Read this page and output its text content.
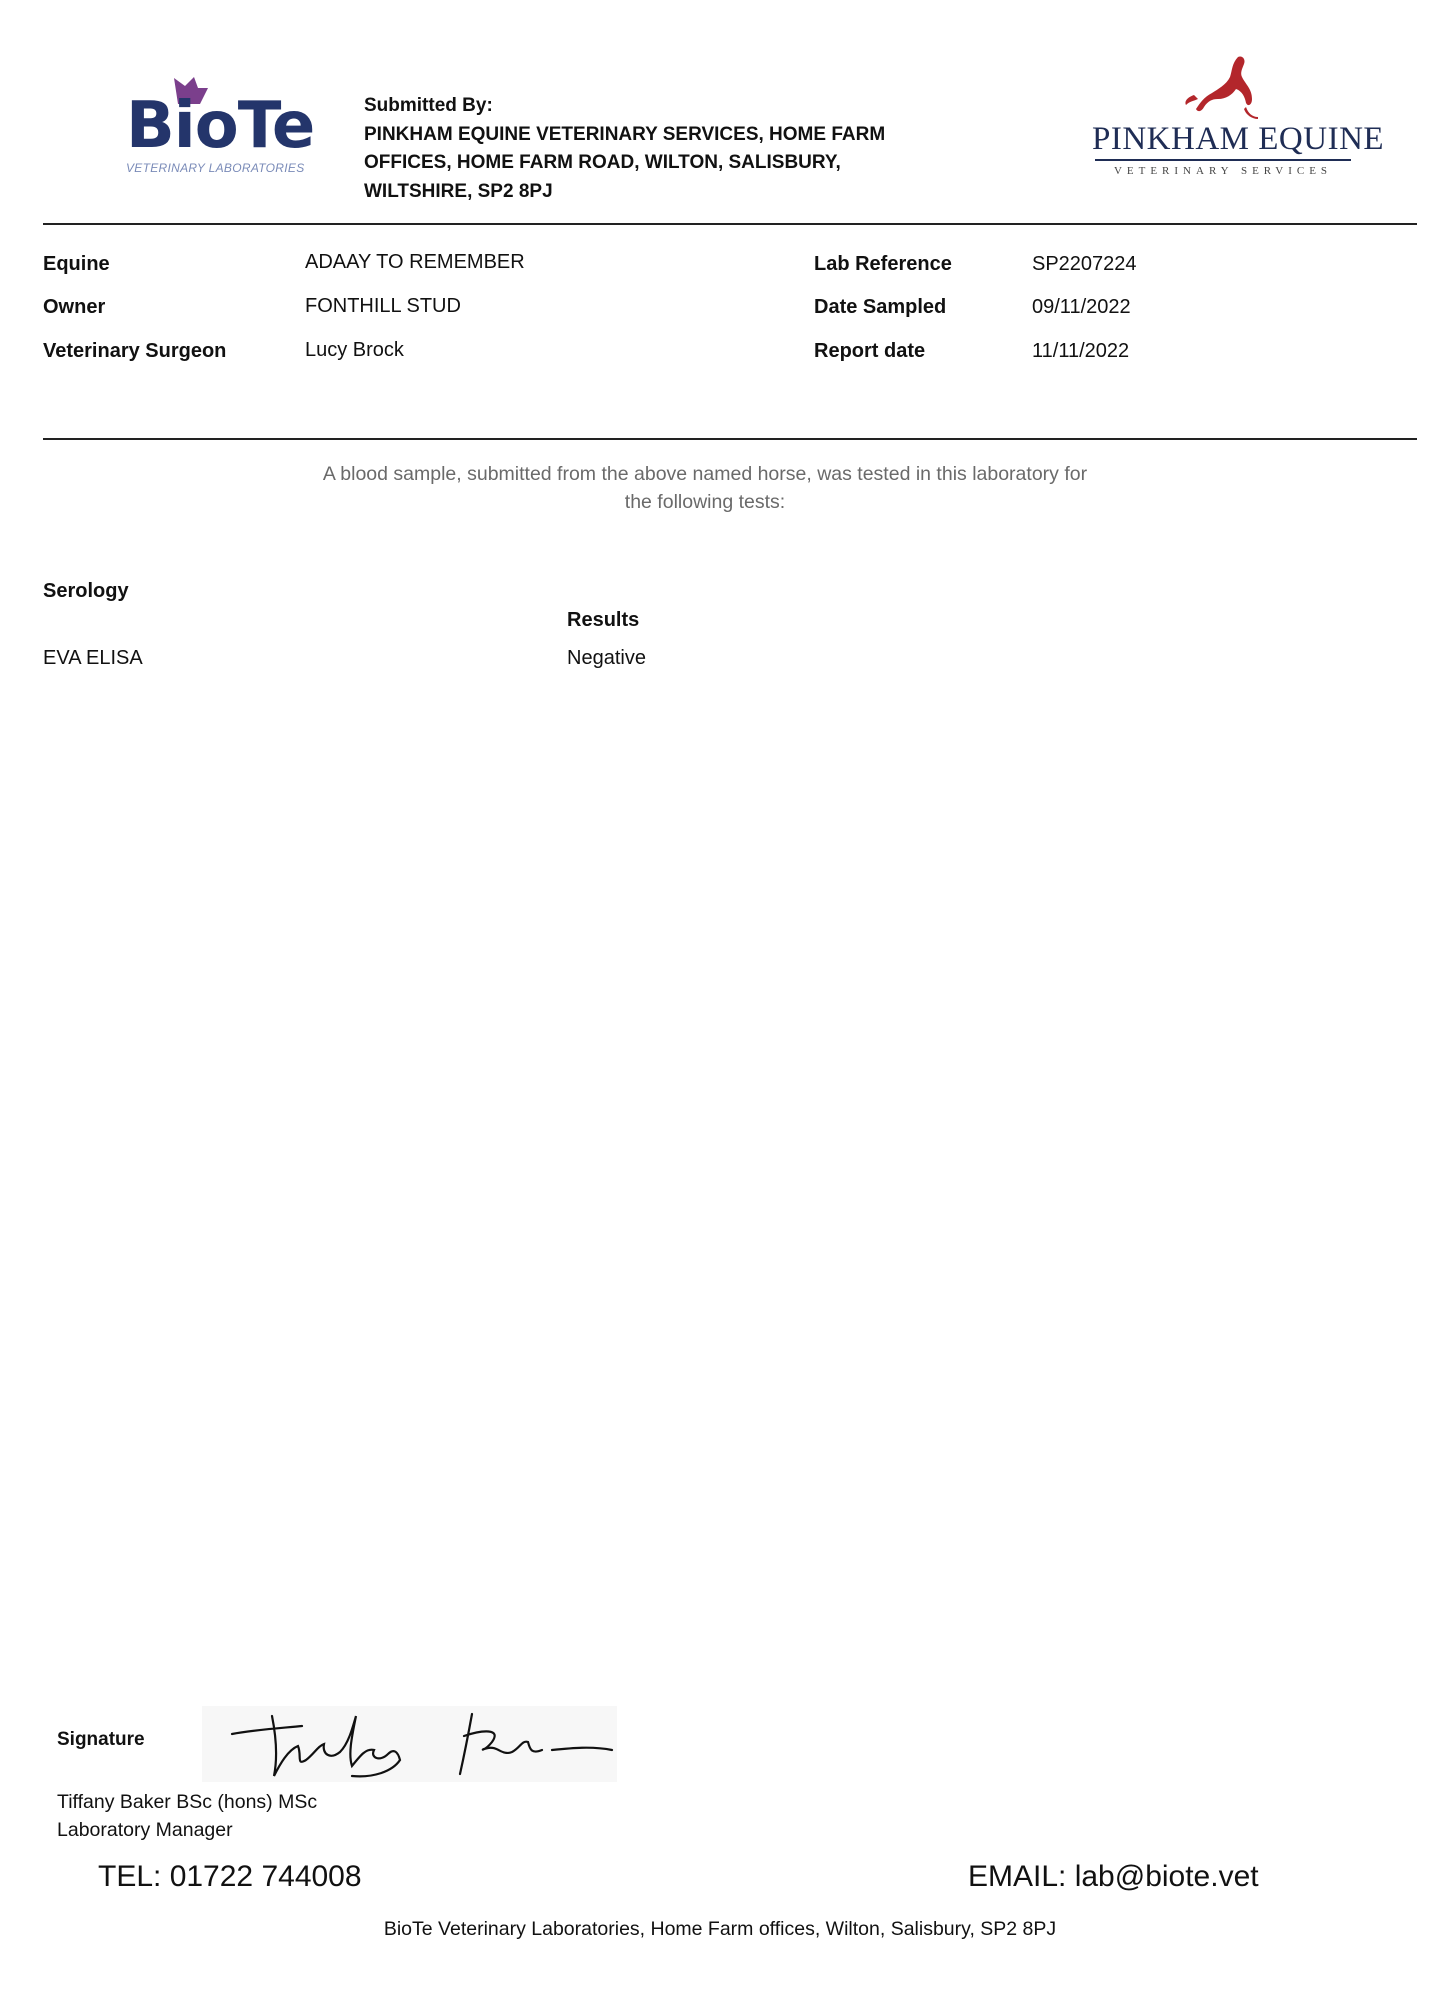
BioTe
VETERINARY LABORATORIES
Submitted By:
PINKHAM EQUINE VETERINARY SERVICES, HOME FARM
OFFICES, HOME FARM ROAD, WILTON, SALISBURY,
WILTSHIRE, SP2 8PJ
PINKHAM EQUINE
VETERINARY SERVICES
Equine	ADAAY TO REMEMBER
Owner	FONTHILL STUD
Veterinary Surgeon	Lucy Brock
Lab Reference	SP2207224
Date Sampled	09/11/2022
Report date	11/11/2022
A blood sample, submitted from the above named horse, was tested in this laboratory for
the following tests:
Serology
Results
EVA ELISA	Negative
Signature
Tiffany Baker BSc (hons) MSc
Laboratory Manager
TEL: 01722 744008	EMAIL: lab@biote.vet
BioTe Veterinary Laboratories, Home Farm offices, Wilton, Salisbury, SP2 8PJ
